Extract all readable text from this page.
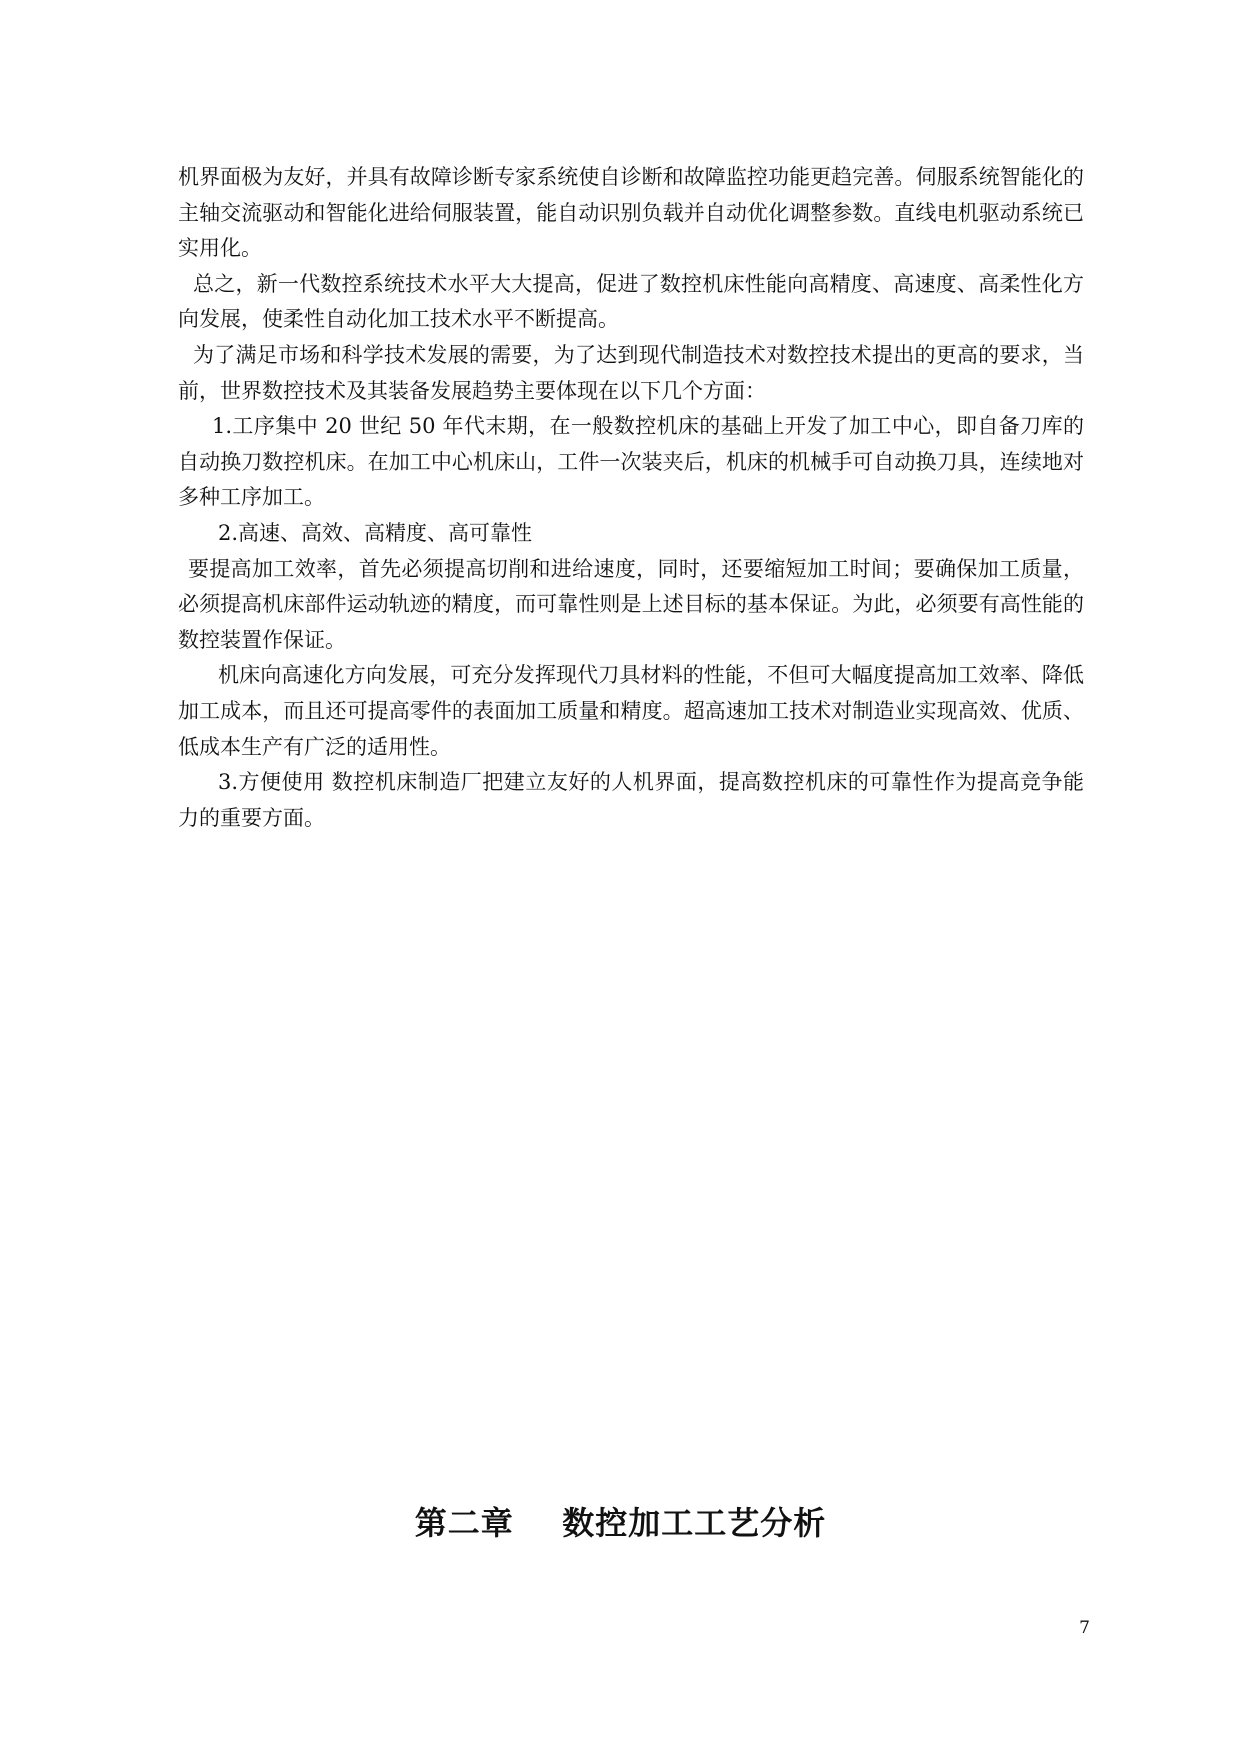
机界面极为友好，并具有故障诊断专家系统使自诊断和故障监控功能更趋完善。伺服系统智能化的主轴交流驱动和智能化进给伺服装置，能自动识别负载并自动优化调整参数。直线电机驱动系统已实用化。

总之，新一代数控系统技术水平大大提高，促进了数控机床性能向高精度、高速度、高柔性化方向发展，使柔性自动化加工技术水平不断提高。

为了满足市场和科学技术发展的需要，为了达到现代制造技术对数控技术提出的更高的要求，当前，世界数控技术及其装备发展趋势主要体现在以下几个方面：

1.工序集中 20 世纪 50 年代末期，在一般数控机床的基础上开发了加工中心，即自备刀库的自动换刀数控机床。在加工中心机床山，工件一次装夹后，机床的机械手可自动换刀具，连续地对多种工序加工。

2.高速、高效、高精度、高可靠性

要提高加工效率，首先必须提高切削和进给速度，同时，还要缩短加工时间；要确保加工质量，必须提高机床部件运动轨迹的精度，而可靠性则是上述目标的基本保证。为此，必须要有高性能的数控装置作保证。

机床向高速化方向发展，可充分发挥现代刀具材料的性能，不但可大幅度提高加工效率、降低加工成本，而且还可提高零件的表面加工质量和精度。超高速加工技术对制造业实现高效、优质、低成本生产有广泛的适用性。

3.方便使用 数控机床制造厂把建立友好的人机界面，提高数控机床的可靠性作为提高竞争能力的重要方面。

第二章    数控加工工艺分析
7
